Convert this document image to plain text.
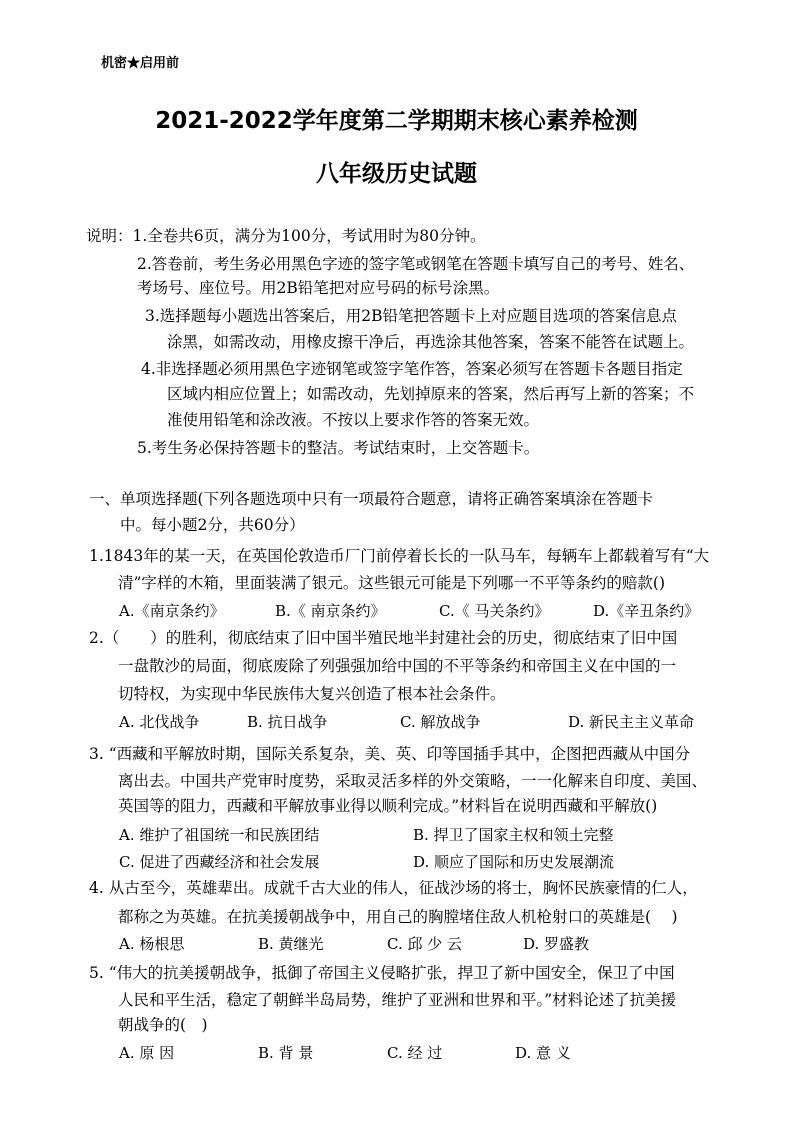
机密★启用前
2021-2022学年度第二学期期末核心素养检测
八年级历史试题
说明：1.全卷共6页，满分为100分，考试用时为80分钟。
2.答卷前，考生务必用黑色字迹的签字笔或钢笔在答题卡填写自己的考号、姓名、
考场号、座位号。用2B铅笔把对应号码的标号涂黑。
3.选择题每小题选出答案后，用2B铅笔把答题卡上对应题目选项的答案信息点
涂黑，如需改动，用橡皮擦干净后，再选涂其他答案，答案不能答在试题上。
4.非选择题必须用黑色字迹钢笔或签字笔作答，答案必须写在答题卡各题目指定
区域内相应位置上；如需改动，先划掉原来的答案，然后再写上新的答案；不
准使用铅笔和涂改液。不按以上要求作答的答案无效。
5.考生务必保持答题卡的整洁。考试结束时，上交答题卡。
一、单项选择题(下列各题选项中只有一项最符合题意，请将正确答案填涂在答题卡
中。每小题2分，共60分）
1.1843年的某一天，在英国伦敦造币厂门前停着长长的一队马车，每辆车上都载着写有“大
清”字样的木箱，里面装满了银元。这些银元可能是下列哪一不平等条约的赔款()
A.《南京条约》	B.《 南京条约》	C.《 马关条约》	D.《辛丑条约》
2.（　　）的胜利，彻底结束了旧中国半殖民地半封建社会的历史，彻底结束了旧中国
一盘散沙的局面，彻底废除了列强强加给中国的不平等条约和帝国主义在中国的一
切特权，为实现中华民族伟大复兴创造了根本社会条件。
A. 北伐战争	B. 抗日战争	C. 解放战争	D. 新民主主义革命
3. “西藏和平解放时期，国际关系复杂，美、英、印等国插手其中，企图把西藏从中国分
离出去。中国共产党审时度势，采取灵活多样的外交策略，一一化解来自印度、美国、
英国等的阻力，西藏和平解放事业得以顺利完成。”材料旨在说明西藏和平解放()
A. 维护了祖国统一和民族团结	B. 捍卫了国家主权和领土完整
C. 促进了西藏经济和社会发展	D. 顺应了国际和历史发展潮流
4. 从古至今，英雄辈出。成就千古大业的伟人，征战沙场的将士，胸怀民族豪情的仁人，
都称之为英雄。在抗美援朝战争中，用自己的胸膛堵住敌人机枪射口的英雄是(　 )
A. 杨根思	B. 黄继光	C. 邱 少 云	D. 罗盛教
5. “伟大的抗美援朝战争，抵御了帝国主义侵略扩张，捍卫了新中国安全，保卫了中国
人民和平生活，稳定了朝鲜半岛局势，维护了亚洲和世界和平。”材料论述了抗美援
朝战争的(　)
A. 原 因	B. 背 景	C. 经 过	D. 意 义
